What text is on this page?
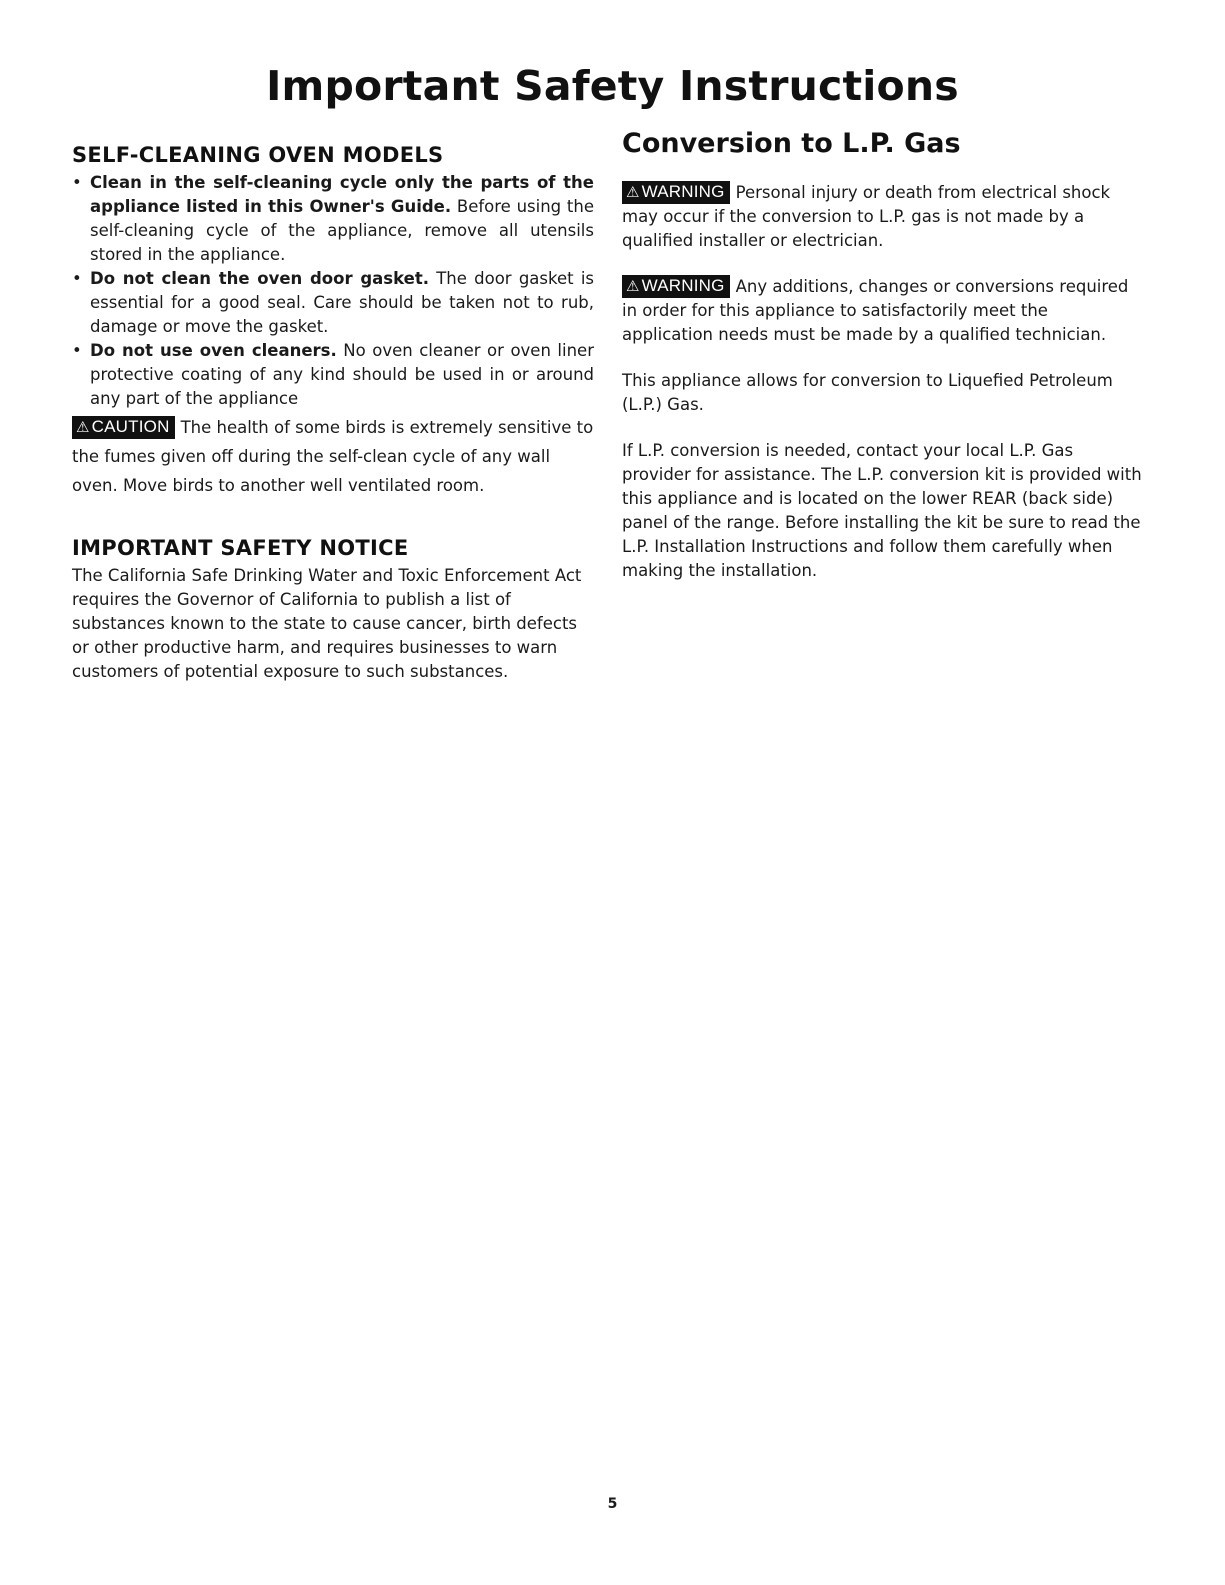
Important Safety Instructions
SELF-CLEANING OVEN MODELS
• Clean in the self-cleaning cycle only the parts of the appliance listed in this Owner's Guide. Before using the self-cleaning cycle of the appliance, remove all utensils stored in the appliance.
• Do not clean the oven door gasket. The door gasket is essential for a good seal. Care should be taken not to rub, damage or move the gasket.
• Do not use oven cleaners. No oven cleaner or oven liner protective coating of any kind should be used in or around any part of the appliance

⚠ CAUTION The health of some birds is extremely sensitive to the fumes given off during the self-clean cycle of any wall oven. Move birds to another well ventilated room.

IMPORTANT SAFETY NOTICE

The California Safe Drinking Water and Toxic Enforcement Act requires the Governor of California to publish a list of substances known to the state to cause cancer, birth defects or other productive harm, and requires businesses to warn customers of potential exposure to such substances.

Conversion to L.P. Gas

⚠ WARNING Personal injury or death from electrical shock may occur if the conversion to L.P. gas is not made by a qualified installer or electrician.

⚠ WARNING Any additions, changes or conversions required in order for this appliance to satisfactorily meet the application needs must be made by a qualified technician.

This appliance allows for conversion to Liquefied Petroleum (L.P.) Gas.

If L.P. conversion is needed, contact your local L.P. Gas provider for assistance. The L.P. conversion kit is provided with this appliance and is located on the lower REAR (back side) panel of the range. Before installing the kit be sure to read the L.P. Installation Instructions and follow them carefully when making the installation.

5
